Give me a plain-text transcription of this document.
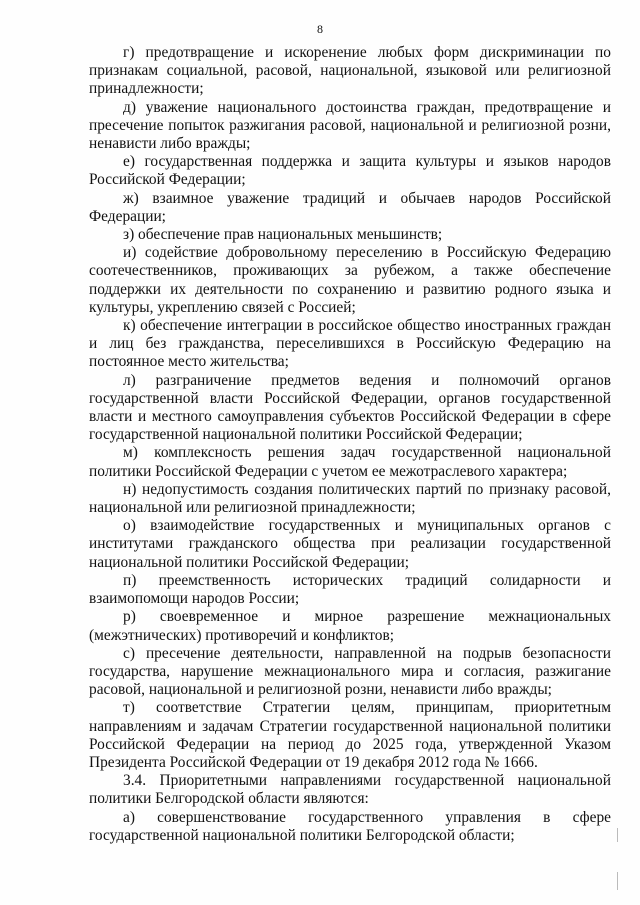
8

г) предотвращение и искоренение любых форм дискриминации по признакам социальной, расовой, национальной, языковой или религиозной принадлежности;

д) уважение национального достоинства граждан, предотвращение и пресечение попыток разжигания расовой, национальной и религиозной розни, ненависти либо вражды;

е) государственная поддержка и защита культуры и языков народов Российской Федерации;

ж) взаимное уважение традиций и обычаев народов Российской Федерации;

з) обеспечение прав национальных меньшинств;

и) содействие добровольному переселению в Российскую Федерацию соотечественников, проживающих за рубежом, а также обеспечение поддержки их деятельности по сохранению и развитию родного языка и культуры, укреплению связей с Россией;

к) обеспечение интеграции в российское общество иностранных граждан и лиц без гражданства, переселившихся в Российскую Федерацию на постоянное место жительства;

л) разграничение предметов ведения и полномочий органов государственной власти Российской Федерации, органов государственной власти и местного самоуправления субъектов Российской Федерации в сфере государственной национальной политики Российской Федерации;

м) комплексность решения задач государственной национальной политики Российской Федерации с учетом ее межотраслевого характера;

н) недопустимость создания политических партий по признаку расовой, национальной или религиозной принадлежности;

о) взаимодействие государственных и муниципальных органов с институтами гражданского общества при реализации государственной национальной политики Российской Федерации;

п) преемственность исторических традиций солидарности и взаимопомощи народов России;

р) своевременное и мирное разрешение межнациональных (межэтнических) противоречий и конфликтов;

с) пресечение деятельности, направленной на подрыв безопасности государства, нарушение межнационального мира и согласия, разжигание расовой, национальной и религиозной розни, ненависти либо вражды;

т) соответствие Стратегии целям, принципам, приоритетным направлениям и задачам Стратегии государственной национальной политики Российской Федерации на период до 2025 года, утвержденной Указом Президента Российской Федерации от 19 декабря 2012 года № 1666.

3.4. Приоритетными направлениями государственной национальной политики Белгородской области являются:

а) совершенствование государственного управления в сфере государственной национальной политики Белгородской области;
